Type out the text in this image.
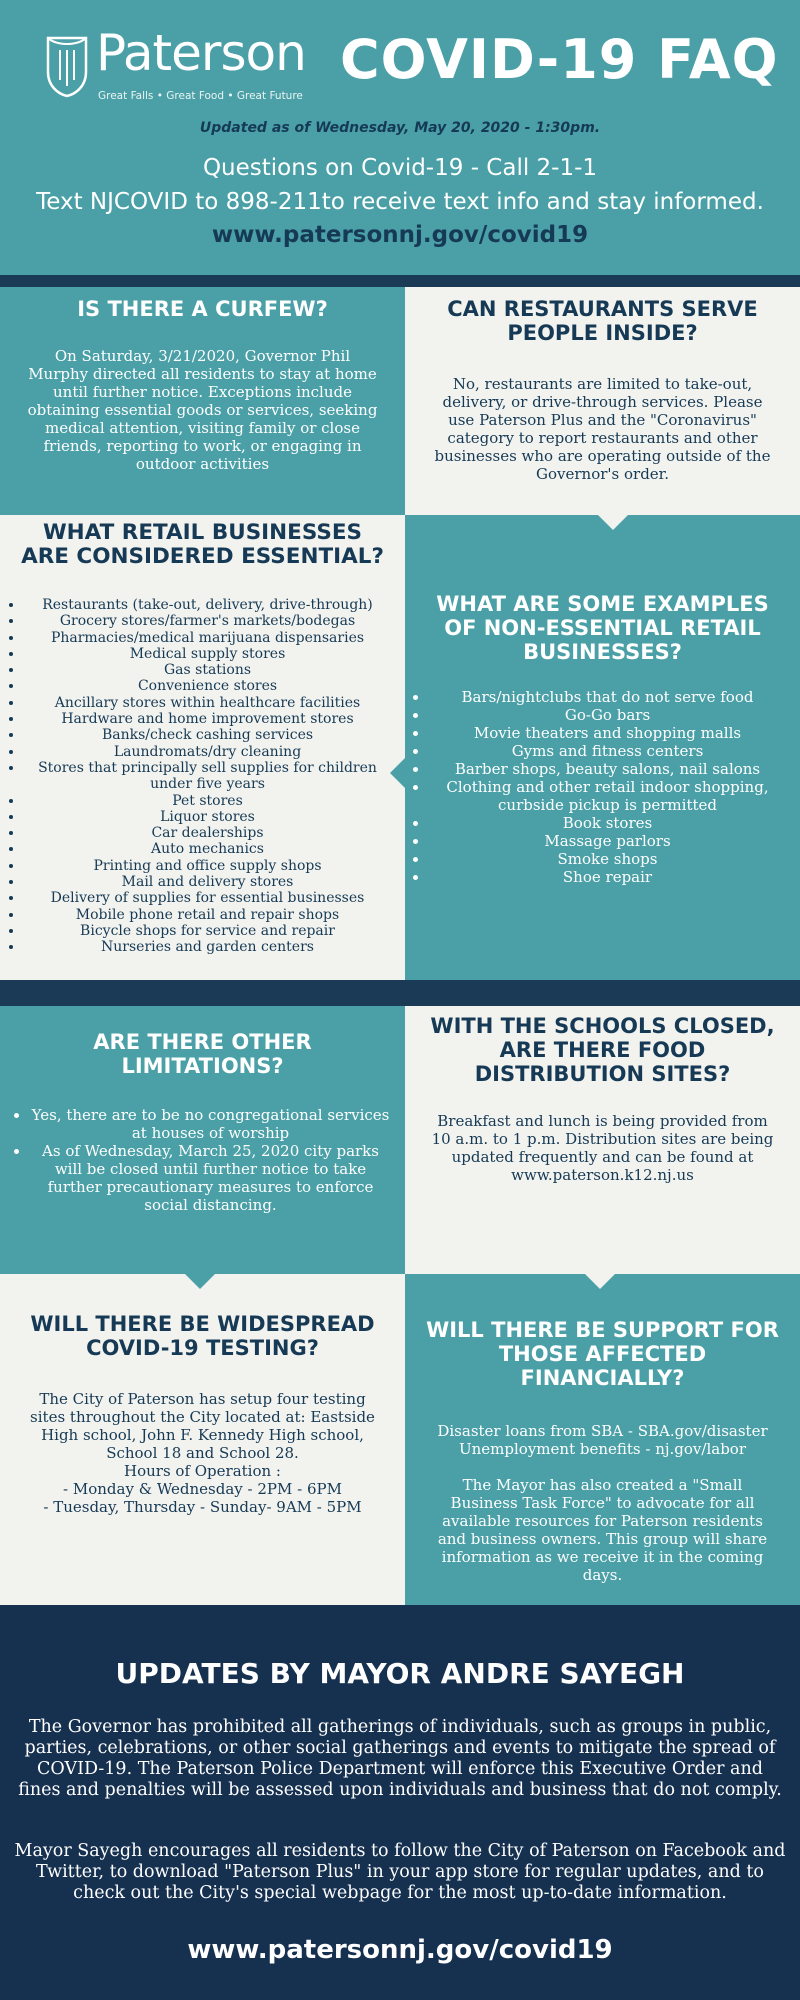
Paterson
Great Falls • Great Food • Great Future
COVID-19 FAQ
Updated as of Wednesday, May 20, 2020 - 1:30pm.
Questions on Covid-19 - Call 2-1-1
Text NJCOVID to 898-211to receive text info and stay informed.
www.patersonnj.gov/covid19
IS THERE A CURFEW?
On Saturday, 3/21/2020, Governor Phil Murphy directed all residents to stay at home until further notice. Exceptions include obtaining essential goods or services, seeking medical attention, visiting family or close friends, reporting to work, or engaging in outdoor activities
CAN RESTAURANTS SERVE PEOPLE INSIDE?
No, restaurants are limited to take-out, delivery, or drive-through services. Please use Paterson Plus and the "Coronavirus" category to report restaurants and other businesses who are operating outside of the Governor's order.
WHAT RETAIL BUSINESSES ARE CONSIDERED ESSENTIAL?
• Restaurants (take-out, delivery, drive-through)
• Grocery stores/farmer's markets/bodegas
• Pharmacies/medical marijuana dispensaries
• Medical supply stores
• Gas stations
• Convenience stores
• Ancillary stores within healthcare facilities
• Hardware and home improvement stores
• Banks/check cashing services
• Laundromats/dry cleaning
• Stores that principally sell supplies for children under five years
• Pet stores
• Liquor stores
• Car dealerships
• Auto mechanics
• Printing and office supply shops
• Mail and delivery stores
• Delivery of supplies for essential businesses
• Mobile phone retail and repair shops
• Bicycle shops for service and repair
• Nurseries and garden centers
WHAT ARE SOME EXAMPLES OF NON-ESSENTIAL RETAIL BUSINESSES?
• Bars/nightclubs that do not serve food
• Go-Go bars
• Movie theaters and shopping malls
• Gyms and fitness centers
• Barber shops, beauty salons, nail salons
• Clothing and other retail indoor shopping, curbside pickup is permitted
• Book stores
• Massage parlors
• Smoke shops
• Shoe repair
ARE THERE OTHER LIMITATIONS?
• Yes, there are to be no congregational services at houses of worship
• As of Wednesday, March 25, 2020 city parks will be closed until further notice to take further precautionary measures to enforce social distancing.
WITH THE SCHOOLS CLOSED, ARE THERE FOOD DISTRIBUTION SITES?
Breakfast and lunch is being provided from 10 a.m. to 1 p.m. Distribution sites are being updated frequently and can be found at www.paterson.k12.nj.us
WILL THERE BE WIDESPREAD COVID-19 TESTING?
The City of Paterson has setup four testing sites throughout the City located at: Eastside High school, John F. Kennedy High school, School 18 and School 28.
Hours of Operation :
- Monday & Wednesday - 2PM - 6PM
- Tuesday, Thursday - Sunday- 9AM - 5PM
WILL THERE BE SUPPORT FOR THOSE AFFECTED FINANCIALLY?
Disaster loans from SBA - SBA.gov/disaster
Unemployment benefits - nj.gov/labor
The Mayor has also created a "Small Business Task Force" to advocate for all available resources for Paterson residents and business owners. This group will share information as we receive it in the coming days.
UPDATES BY MAYOR ANDRE SAYEGH
The Governor has prohibited all gatherings of individuals, such as groups in public, parties, celebrations, or other social gatherings and events to mitigate the spread of COVID-19. The Paterson Police Department will enforce this Executive Order and fines and penalties will be assessed upon individuals and business that do not comply.
Mayor Sayegh encourages all residents to follow the City of Paterson on Facebook and Twitter, to download "Paterson Plus" in your app store for regular updates, and to check out the City's special webpage for the most up-to-date information.
www.patersonnj.gov/covid19
